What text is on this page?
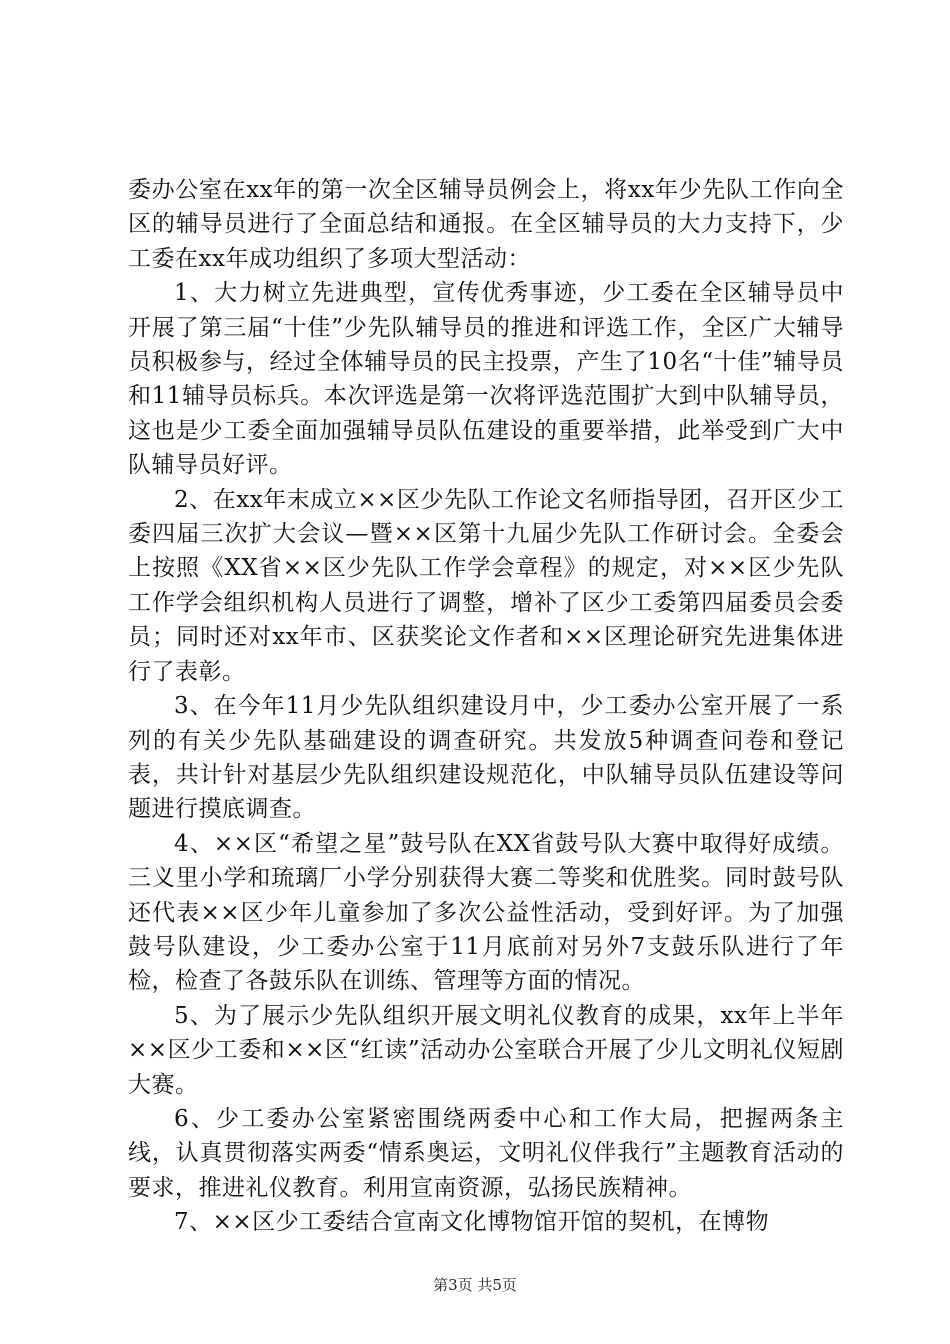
委办公室在xx年的第一次全区辅导员例会上，将xx年少先队工作向全区的辅导员进行了全面总结和通报。在全区辅导员的大力支持下，少工委在xx年成功组织了多项大型活动：

1、大力树立先进典型，宣传优秀事迹，少工委在全区辅导员中开展了第三届“十佳”少先队辅导员的推进和评选工作，全区广大辅导员积极参与，经过全体辅导员的民主投票，产生了10名“十佳”辅导员和11辅导员标兵。本次评选是第一次将评选范围扩大到中队辅导员，这也是少工委全面加强辅导员队伍建设的重要举措，此举受到广大中队辅导员好评。

2、在xx年末成立××区少先队工作论文名师指导团，召开区少工委四届三次扩大会议—暨××区第十九届少先队工作研讨会。全委会上按照《XX省××区少先队工作学会章程》的规定，对××区少先队工作学会组织机构人员进行了调整，增补了区少工委第四届委员会委员；同时还对xx年市、区获奖论文作者和××区理论研究先进集体进行了表彰。

3、在今年11月少先队组织建设月中，少工委办公室开展了一系列的有关少先队基础建设的调查研究。共发放5种调查问卷和登记表，共计针对基层少先队组织建设规范化，中队辅导员队伍建设等问题进行摸底调查。

4、××区“希望之星”鼓号队在XX省鼓号队大赛中取得好成绩。三义里小学和琉璃厂小学分别获得大赛二等奖和优胜奖。同时鼓号队还代表××区少年儿童参加了多次公益性活动，受到好评。为了加强鼓号队建设，少工委办公室于11月底前对另外7支鼓乐队进行了年检，检查了各鼓乐队在训练、管理等方面的情况。

5、为了展示少先队组织开展文明礼仪教育的成果，xx年上半年××区少工委和××区“红读”活动办公室联合开展了少儿文明礼仪短剧大赛。

6、少工委办公室紧密围绕两委中心和工作大局，把握两条主线，认真贯彻落实两委“情系奥运，文明礼仪伴我行”主题教育活动的要求，推进礼仪教育。利用宣南资源，弘扬民族精神。

7、××区少工委结合宣南文化博物馆开馆的契机，在博物

第3页 共5页
